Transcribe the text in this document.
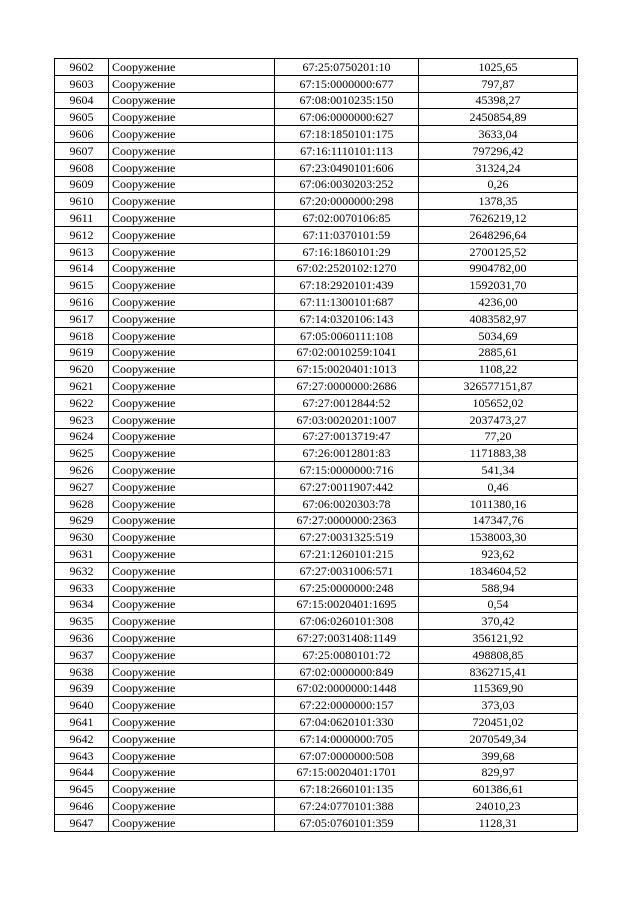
9602	Сооружение	67:25:0750201:10	1025,65
9603	Сооружение	67:15:0000000:677	797,87
9604	Сооружение	67:08:0010235:150	45398,27
9605	Сооружение	67:06:0000000:627	2450854,89
9606	Сооружение	67:18:1850101:175	3633,04
9607	Сооружение	67:16:1110101:113	797296,42
9608	Сооружение	67:23:0490101:606	31324,24
9609	Сооружение	67:06:0030203:252	0,26
9610	Сооружение	67:20:0000000:298	1378,35
9611	Сооружение	67:02:0070106:85	7626219,12
9612	Сооружение	67:11:0370101:59	2648296,64
9613	Сооружение	67:16:1860101:29	2700125,52
9614	Сооружение	67:02:2520102:1270	9904782,00
9615	Сооружение	67:18:2920101:439	1592031,70
9616	Сооружение	67:11:1300101:687	4236,00
9617	Сооружение	67:14:0320106:143	4083582,97
9618	Сооружение	67:05:0060111:108	5034,69
9619	Сооружение	67:02:0010259:1041	2885,61
9620	Сооружение	67:15:0020401:1013	1108,22
9621	Сооружение	67:27:0000000:2686	326577151,87
9622	Сооружение	67:27:0012844:52	105652,02
9623	Сооружение	67:03:0020201:1007	2037473,27
9624	Сооружение	67:27:0013719:47	77,20
9625	Сооружение	67:26:0012801:83	1171883,38
9626	Сооружение	67:15:0000000:716	541,34
9627	Сооружение	67:27:0011907:442	0,46
9628	Сооружение	67:06:0020303:78	1011380,16
9629	Сооружение	67:27:0000000:2363	147347,76
9630	Сооружение	67:27:0031325:519	1538003,30
9631	Сооружение	67:21:1260101:215	923,62
9632	Сооружение	67:27:0031006:571	1834604,52
9633	Сооружение	67:25:0000000:248	588,94
9634	Сооружение	67:15:0020401:1695	0,54
9635	Сооружение	67:06:0260101:308	370,42
9636	Сооружение	67:27:0031408:1149	356121,92
9637	Сооружение	67:25:0080101:72	498808,85
9638	Сооружение	67:02:0000000:849	8362715,41
9639	Сооружение	67:02:0000000:1448	115369,90
9640	Сооружение	67:22:0000000:157	373,03
9641	Сооружение	67:04:0620101:330	720451,02
9642	Сооружение	67:14:0000000:705	2070549,34
9643	Сооружение	67:07:0000000:508	399,68
9644	Сооружение	67:15:0020401:1701	829,97
9645	Сооружение	67:18:2660101:135	601386,61
9646	Сооружение	67:24:0770101:388	24010,23
9647	Сооружение	67:05:0760101:359	1128,31
